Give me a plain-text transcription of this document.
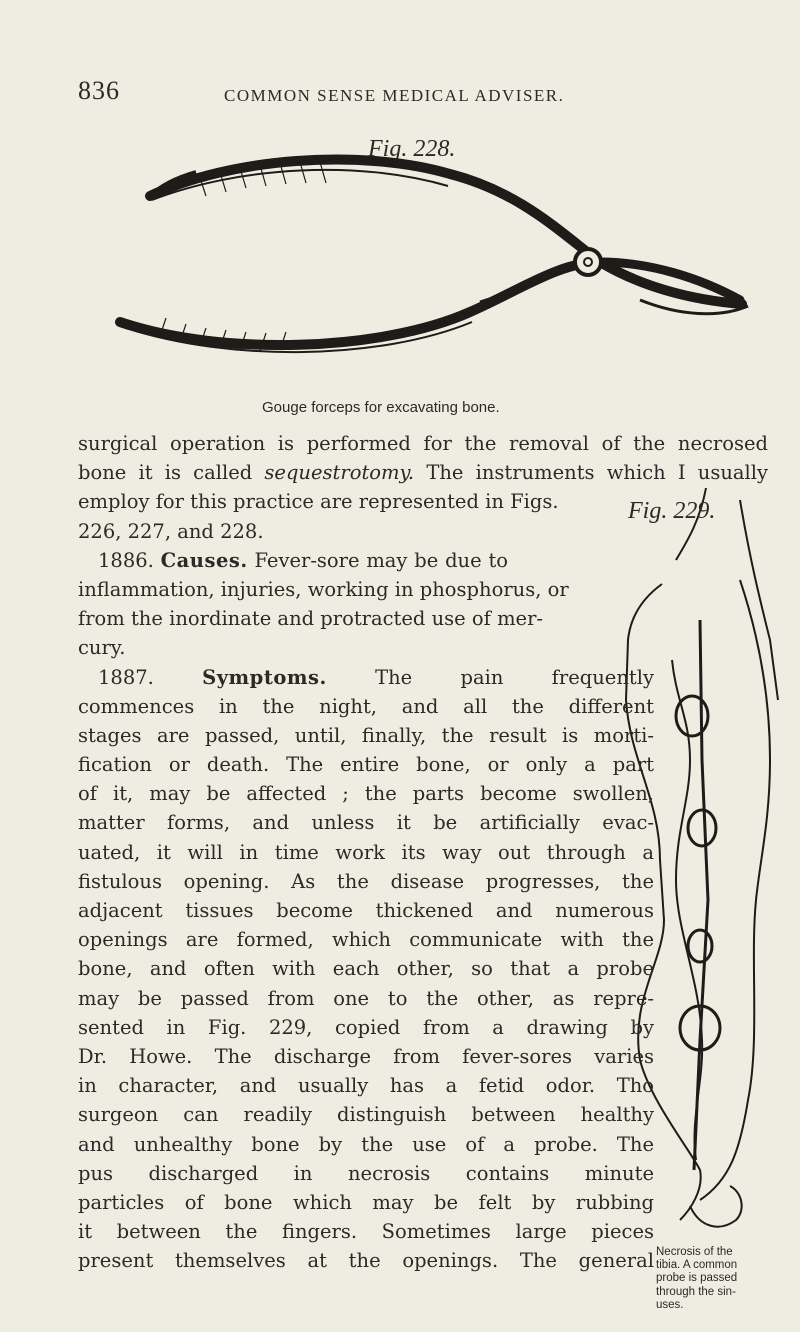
836	COMMON SENSE MEDICAL ADVISER.
Fig. 228.
Gouge forceps for excavating bone.
Fig. 229.
surgical operation is performed for the removal of the necrosed
bone it is called sequestrotomy. The instruments which I usually
employ for this practice are represented in Figs.
226, 227, and 228.
1886. Causes. Fever-sore may be due to
inflammation, injuries, working in phosphorus, or
from the inordinate and protracted use of mer-
cury.
1887. Symptoms. The pain frequently
commences in the night, and all the different
stages are passed, until, finally, the result is morti-
fication or death. The entire bone, or only a part
of it, may be affected ; the parts become swollen,
matter forms, and unless it be artificially evac-
uated, it will in time work its way out through a
fistulous opening. As the disease progresses, the
adjacent tissues become thickened and numerous
openings are formed, which communicate with the
bone, and often with each other, so that a probe
may be passed from one to the other, as repre-
sented in Fig. 229, copied from a drawing by
Dr. Howe. The discharge from fever-sores varies
in character, and usually has a fetid odor. Tho
surgeon can readily distinguish between healthy
and unhealthy bone by the use of a probe. The
pus discharged in necrosis contains minute
particles of bone which may be felt by rubbing
it between the fingers. Sometimes large pieces
present themselves at the openings. The general Necrosis of the
tibia. A common
probe is passed
through the sin-
uses.
